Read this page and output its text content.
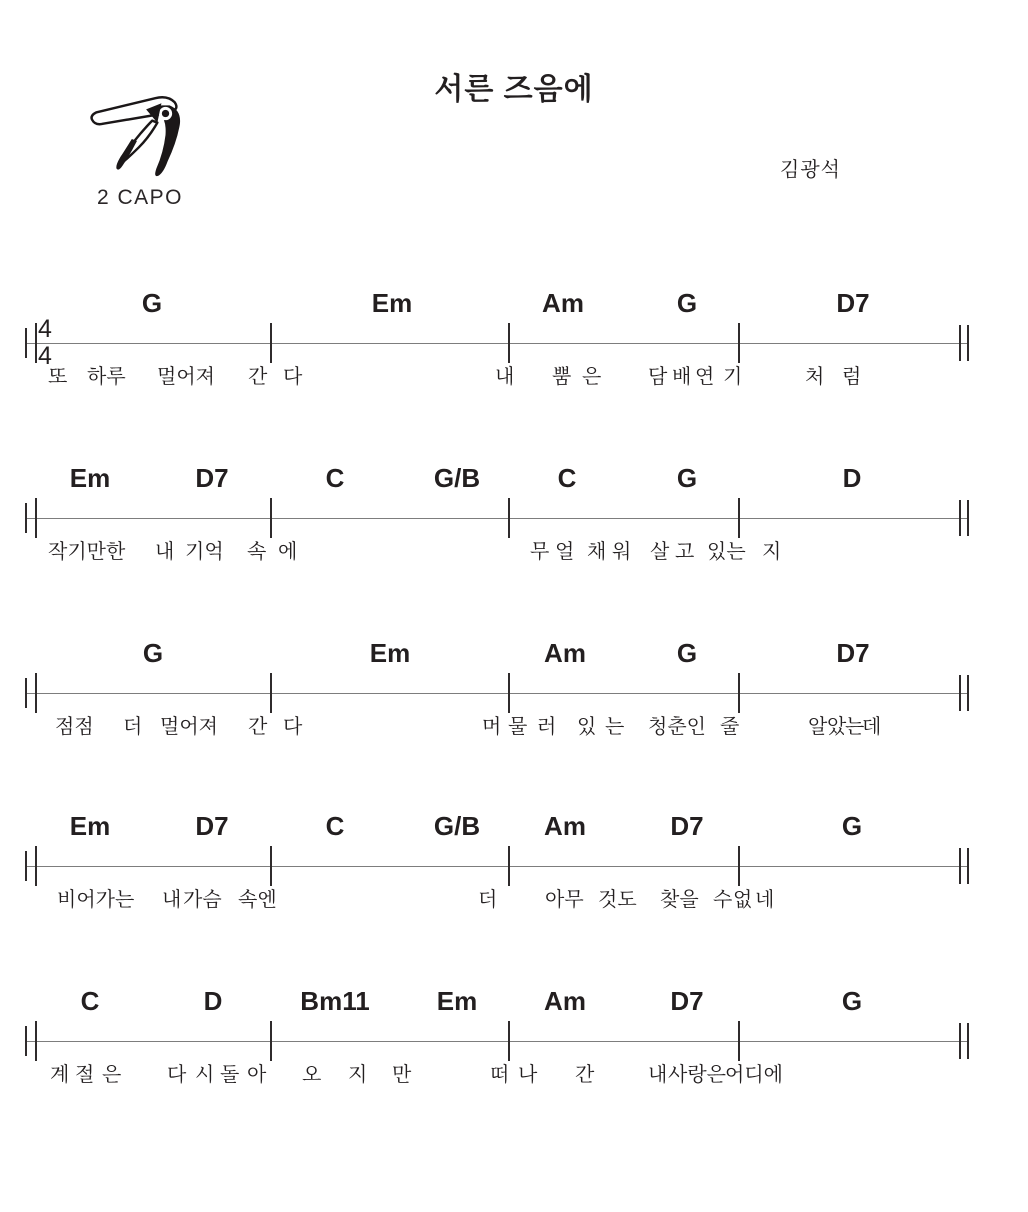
서른 즈음에
2 CAPO
김광석
G	Em	Am	G	D7
또 하루 멀어져 간 다	내 뿜 은 담 배 연 기	처 럼
4
4
Em	D7	C	G/B	C	G	D
작기만한 내 기억 속 에	무 얼 채 워 살 고 있는 지
G	Em	Am	G	D7
점점 더 멀어져 간 다	머 물 러 있 는 청춘인 줄	알 았
는
데
Em	D7	C	G/B Am	D7	G
비어가는 내 가슴 속엔	더 아무 것도 찾을 수 없 네
C	D	Bm11	Em	Am	D7	G
계 절 은 다 시 돌 아 오 지 만	떠 나 간	내 사랑은 어디에
